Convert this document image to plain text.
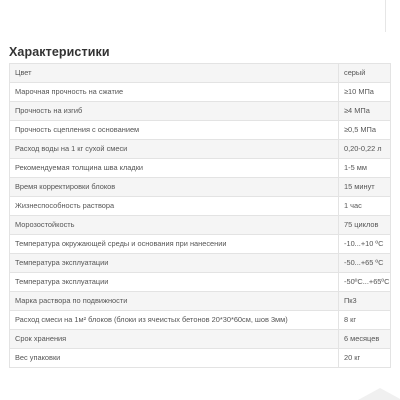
Характеристики
Цвет	серый
Марочная прочность на сжатие	≥10 МПа
Прочность на изгиб	≥4 МПа
Прочность сцепления с основанием	≥0,5 МПа
Расход воды на 1 кг сухой смеси	0,20-0,22 л
Рекомендуемая толщина шва кладки	1-5 мм
Время корректировки блоков	15 минут
Жизнеспособность раствора	1 час
Морозостойкость	75 циклов
Температура окружающей среды и основания при нанесении	-10...+10 ºС
Температура эксплуатации	-50...+65 ºС
Температура эксплуатации	-50ºС...+65ºС
Марка раствора по подвижности	Пк3
Расход смеси на 1м² блоков (блоки из ячеистых бетонов 20*30*60см, шов 3мм)	8 кг
Срок хранения	6 месяцев
Вес упаковки	20 кг
